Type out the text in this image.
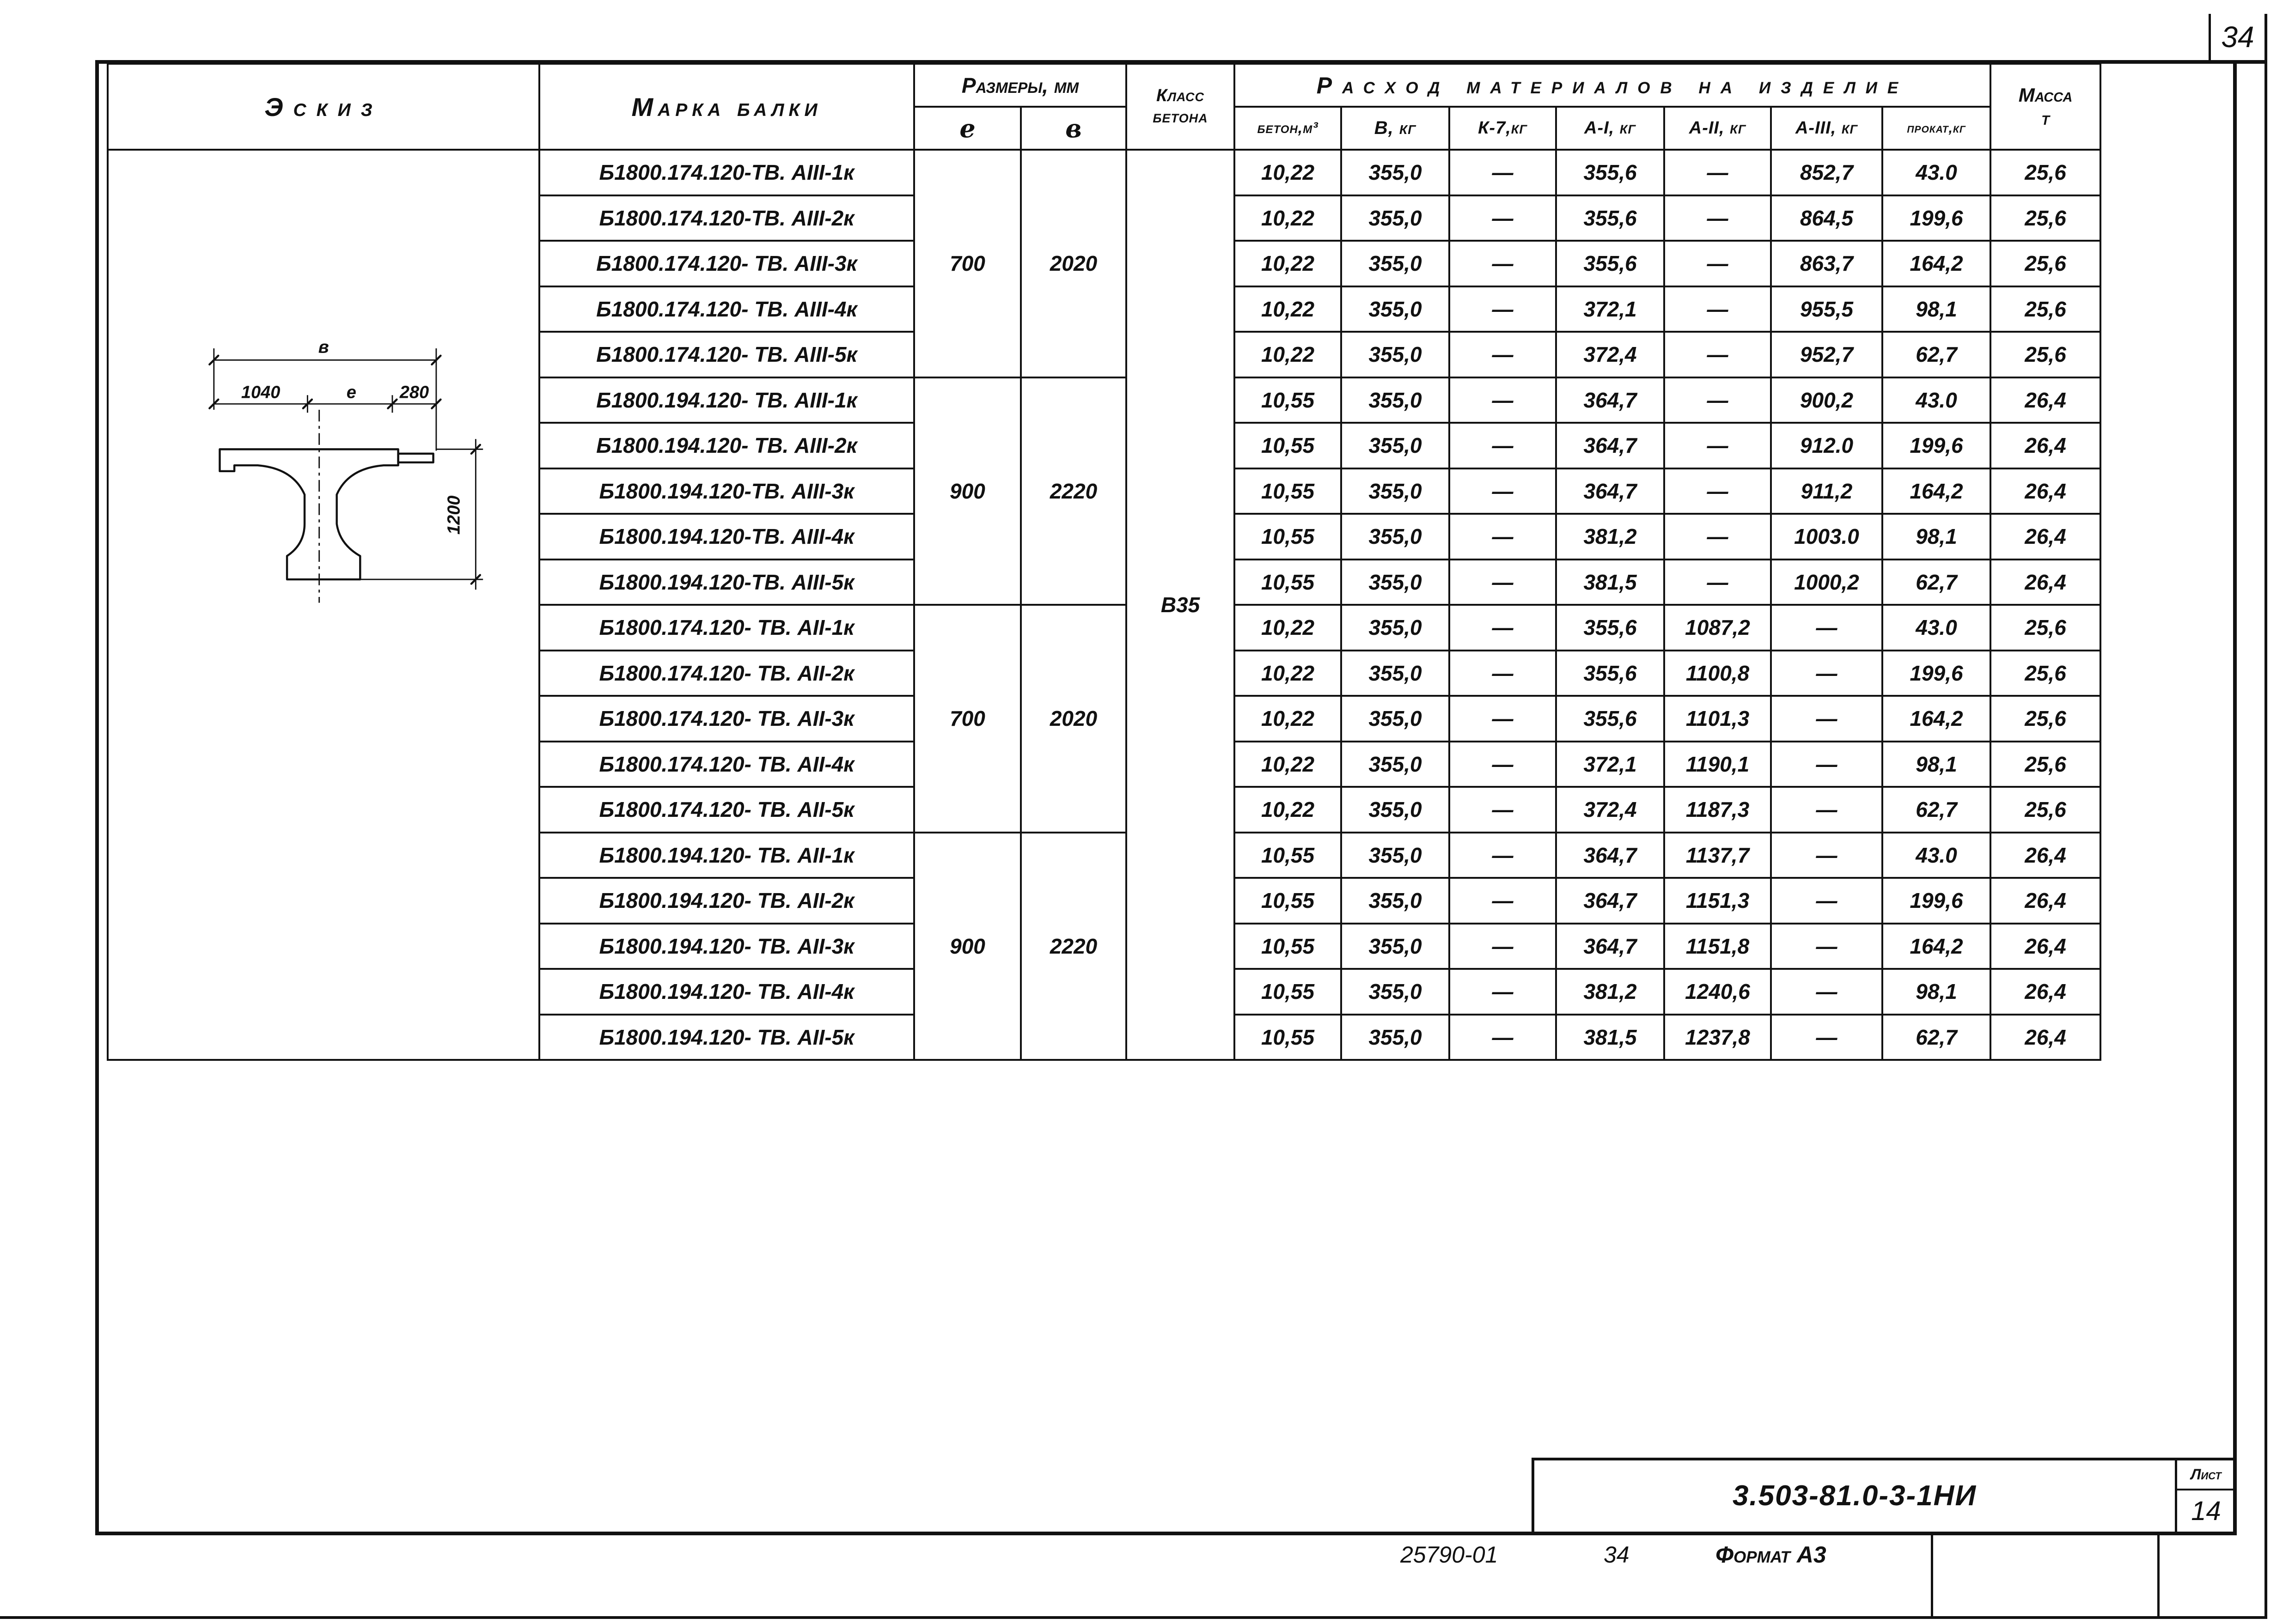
Эскиз	Марка балки	Размеры, мм		Класс
бетона	Расход материалов на изделие							Масса
т

		е	в		бетон,м³	В, кг	К-7,кг	А-I, кг	А-II, кг	А-III, кг	прокат,кг	
	Б1800.174.120-ТВ. АIII-1к	700	2020	В35	10,22	355,0	—	355,6	—	852,7	43.0	25,6
	Б1800.174.120-ТВ. АIII-2к				10,22	355,0	—	355,6	—	864,5	199,6	25,6
	Б1800.174.120- ТВ. АIII-3к				10,22	355,0	—	355,6	—	863,7	164,2	25,6
	Б1800.174.120- ТВ. АIII-4к				10,22	355,0	—	372,1	—	955,5	98,1	25,6
	Б1800.174.120- ТВ. АIII-5к				10,22	355,0	—	372,4	—	952,7	62,7	25,6
	Б1800.194.120- ТВ. АIII-1к	900	2220		10,55	355,0	—	364,7	—	900,2	43.0	26,4
	Б1800.194.120- ТВ. АIII-2к				10,55	355,0	—	364,7	—	912.0	199,6	26,4
	Б1800.194.120-ТВ. АIII-3к				10,55	355,0	—	364,7	—	911,2	164,2	26,4
	Б1800.194.120-ТВ. АIII-4к				10,55	355,0	—	381,2	—	1003.0	98,1	26,4
	Б1800.194.120-ТВ. АIII-5к				10,55	355,0	—	381,5	—	1000,2	62,7	26,4
	Б1800.174.120- ТВ. АII-1к	700	2020		10,22	355,0	—	355,6	1087,2	—	43.0	25,6
	Б1800.174.120- ТВ. АII-2к				10,22	355,0	—	355,6	1100,8	—	199,6	25,6
	Б1800.174.120- ТВ. АII-3к				10,22	355,0	—	355,6	1101,3	—	164,2	25,6
	Б1800.174.120- ТВ. АII-4к				10,22	355,0	—	372,1	1190,1	—	98,1	25,6
	Б1800.174.120- ТВ. АII-5к				10,22	355,0	—	372,4	1187,3	—	62,7	25,6
	Б1800.194.120- ТВ. АII-1к	900	2220		10,55	355,0	—	364,7	1137,7	—	43.0	26,4
	Б1800.194.120- ТВ. АII-2к				10,55	355,0	—	364,7	1151,3	—	199,6	26,4
	Б1800.194.120- ТВ. АII-3к				10,55	355,0	—	364,7	1151,8	—	164,2	26,4
	Б1800.194.120- ТВ. АII-4к				10,55	355,0	—	381,2	1240,6	—	98,1	26,4
	Б1800.194.120- ТВ. АII-5к				10,55	355,0	—	381,5	1237,8	—	62,7	26,4
в
1040	е	280
1200
34
3.503-81.0-3-1НИ
Лист
14
25790-01	34	Формат А3
